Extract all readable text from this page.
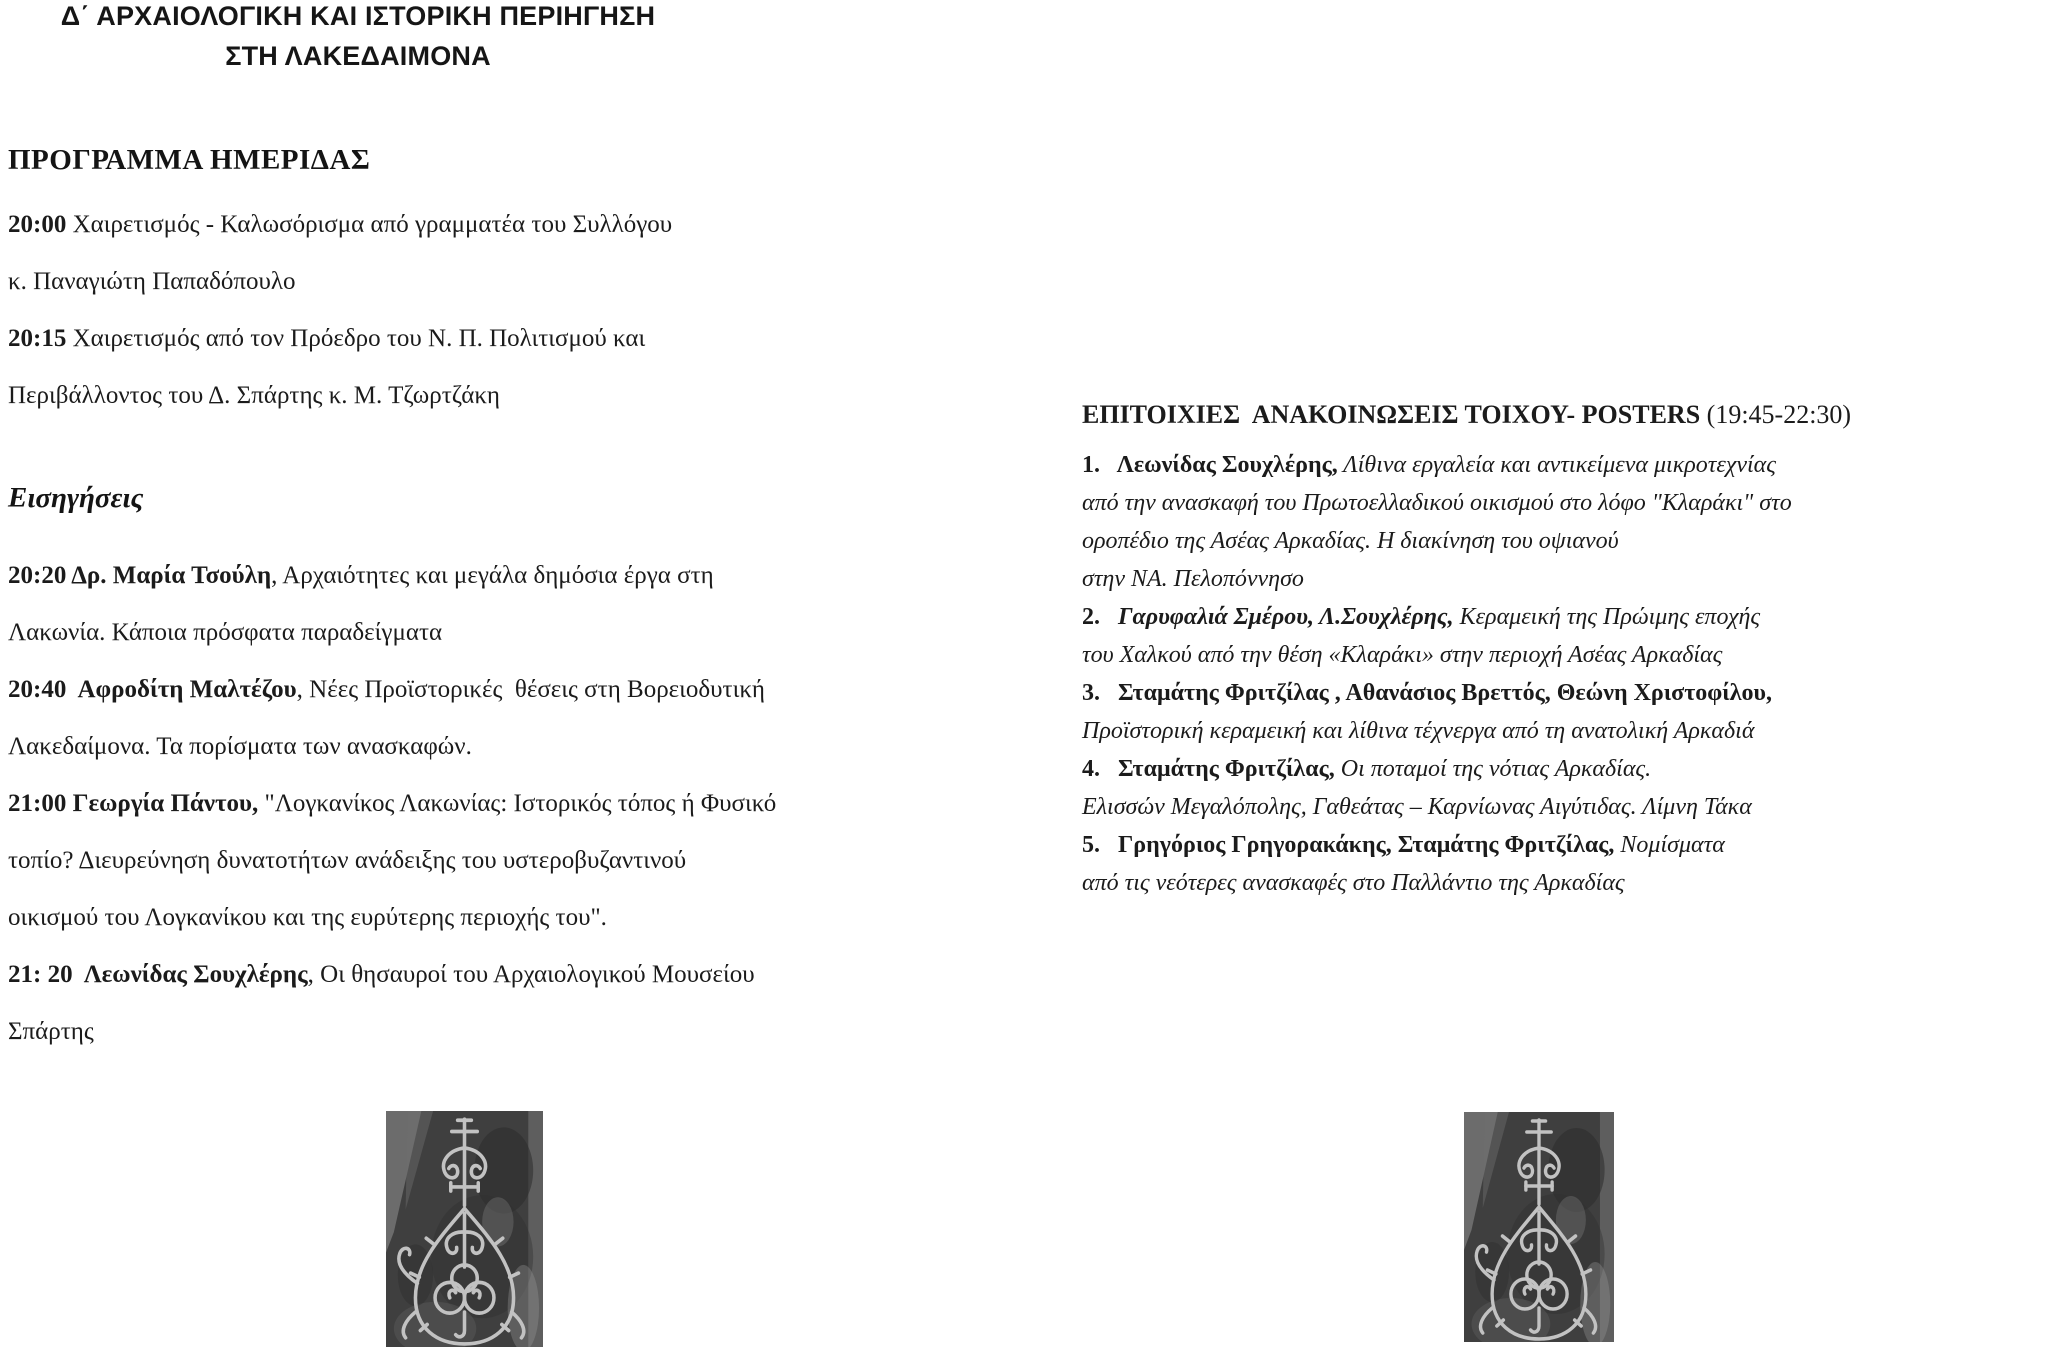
Δ΄ ΑΡΧΑΙΟΛΟΓΙΚΗ ΚΑΙ ΙΣΤΟΡΙΚΗ ΠΕΡΙΗΓΗΣΗ
ΣΤΗ ΛΑΚΕΔΑΙΜΟΝΑ
ΠΡΟΓΡΑΜΜΑ ΗΜΕΡΙΔΑΣ
20:00 Χαιρετισμός - Καλωσόρισμα από γραμματέα του Συλλόγου
κ. Παναγιώτη Παπαδόπουλο
20:15 Χαιρετισμός από τον Πρόεδρο του Ν. Π. Πολιτισμού και
Περιβάλλοντος του Δ. Σπάρτης κ. Μ. Τζωρτζάκη
Εισηγήσεις
20:20 Δρ. Μαρία Τσούλη, Αρχαιότητες και μεγάλα δημόσια έργα στη
Λακωνία. Κάποια πρόσφατα παραδείγματα
20:40  Αφροδίτη Μαλτέζου, Νέες Προϊστορικές  θέσεις στη Βορειοδυτική
Λακεδαίμονα. Τα πορίσματα των ανασκαφών.
21:00 Γεωργία Πάντου, "Λογκανίκος Λακωνίας: Ιστορικός τόπος ή Φυσικό
τοπίο? Διευρεύνηση δυνατοτήτων ανάδειξης του υστεροβυζαντινού
οικισμού του Λογκανίκου και της ευρύτερης περιοχής του".
21: 20  Λεωνίδας Σουχλέρης, Οι θησαυροί του Αρχαιολογικού Μουσείου
Σπάρτης
ΕΠΙΤΟΙΧΙΕΣ  ΑΝΑΚΟΙΝΩΣΕΙΣ ΤΟΙΧΟΥ- POSTERS (19:45-22:30)
1.   Λεωνίδας Σουχλέρης, Λίθινα εργαλεία και αντικείμενα μικροτεχνίας
από την ανασκαφή του Πρωτοελλαδικού οικισμού στο λόφο "Κλαράκι" στο
οροπέδιο της Ασέας Αρκαδίας. Η διακίνηση του οψιανού
στην ΝΑ. Πελοπόννησο
2.   Γαρυφαλιά Σμέρου, Λ.Σουχλέρης, Κεραμεική της Πρώιμης εποχής
του Χαλκού από την θέση «Κλαράκι» στην περιοχή Ασέας Αρκαδίας
3.   Σταμάτης Φριτζίλας , Αθανάσιος Βρεττός, Θεώνη Χριστοφίλου,
Προϊστορική κεραμεική και λίθινα τέχνεργα από τη ανατολική Αρκαδιά
4.   Σταμάτης Φριτζίλας, Οι ποταμοί της νότιας Αρκαδίας.
Ελισσών Μεγαλόπολης, Γαθεάτας – Καρνίωνας Αιγύτιδας. Λίμνη Τάκα
5.   Γρηγόριος Γρηγορακάκης, Σταμάτης Φριτζίλας, Νομίσματα
από τις νεότερες ανασκαφές στο Παλλάντιο της Αρκαδίας
